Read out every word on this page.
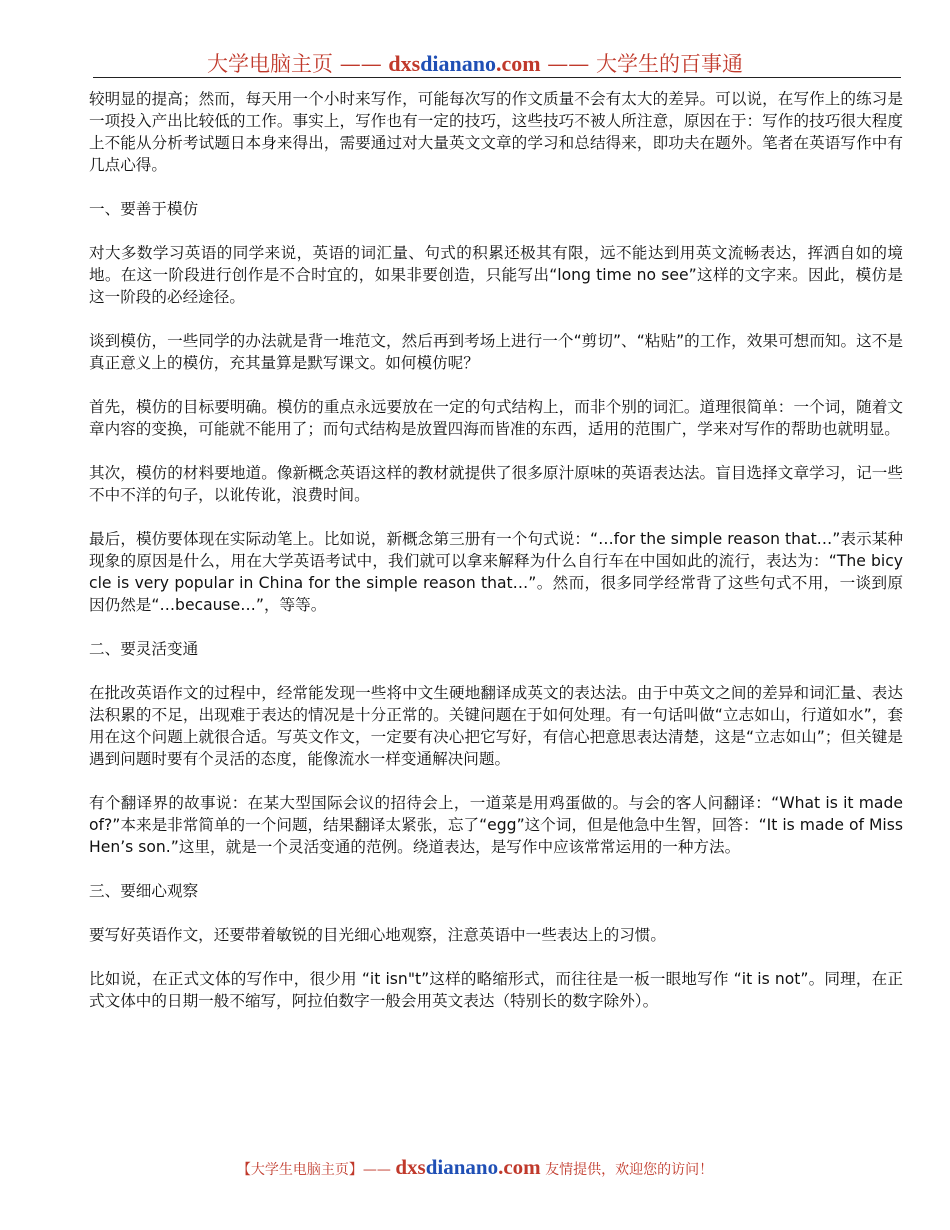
大学电脑主页 —— dxsdianano.com —— 大学生的百事通

较明显的提高；然而，每天用一个小时来写作，可能每次写的作文质量不会有太大的差异。可以说，在写作上的练习是一项投入产出比较低的工作。事实上，写作也有一定的技巧，这些技巧不被人所注意，原因在于：写作的技巧很大程度上不能从分析考试题日本身来得出，需要通过对大量英文文章的学习和总结得来，即功夫在题外。笔者在英语写作中有几点心得。

一、要善于模仿

对大多数学习英语的同学来说，英语的词汇量、句式的积累还极其有限，远不能达到用英文流畅表达，挥洒自如的境地。在这一阶段进行创作是不合时宜的，如果非要创造，只能写出“long time no see”这样的文字来。因此，模仿是这一阶段的必经途径。

谈到模仿，一些同学的办法就是背一堆范文，然后再到考场上进行一个“剪切”、“粘贴”的工作，效果可想而知。这不是真正意义上的模仿，充其量算是默写课文。如何模仿呢？

首先，模仿的目标要明确。模仿的重点永远要放在一定的句式结构上，而非个别的词汇。道理很简单：一个词，随着文章内容的变换，可能就不能用了；而句式结构是放置四海而皆准的东西，适用的范围广，学来对写作的帮助也就明显。

其次，模仿的材料要地道。像新概念英语这样的教材就提供了很多原汁原味的英语表达法。盲目选择文章学习，记一些不中不洋的句子，以讹传讹，浪费时间。

最后，模仿要体现在实际动笔上。比如说，新概念第三册有一个句式说：“…for the simple reason that…”表示某种现象的原因是什么，用在大学英语考试中，我们就可以拿来解释为什么自行车在中国如此的流行，表达为：“The bicycle is very popular in China for the simple reason that…”。然而，很多同学经常背了这些句式不用，一谈到原因仍然是“…because…”，等等。

二、要灵活变通

在批改英语作文的过程中，经常能发现一些将中文生硬地翻译成英文的表达法。由于中英文之间的差异和词汇量、表达法积累的不足，出现难于表达的情况是十分正常的。关键问题在于如何处理。有一句话叫做“立志如山，行道如水”，套用在这个问题上就很合适。写英文作文，一定要有决心把它写好，有信心把意思表达清楚，这是“立志如山”；但关键是遇到问题时要有个灵活的态度，能像流水一样变通解决问题。

有个翻译界的故事说：在某大型国际会议的招待会上，一道菜是用鸡蛋做的。与会的客人问翻译：“What is it made of?”本来是非常简单的一个问题，结果翻译太紧张，忘了“egg”这个词，但是他急中生智，回答：“It is made of Miss Hen’s son.”这里，就是一个灵活变通的范例。绕道表达，是写作中应该常常运用的一种方法。

三、要细心观察

要写好英语作文，还要带着敏锐的目光细心地观察，注意英语中一些表达上的习惯。

比如说，在正式文体的写作中，很少用 “it isn"t”这样的略缩形式，而往往是一板一眼地写作 “it is not”。同理，在正式文体中的日期一般不缩写，阿拉伯数字一般会用英文表达（特别长的数字除外）。

【大学生电脑主页】—— dxsdianano.com 友情提供，欢迎您的访问！
